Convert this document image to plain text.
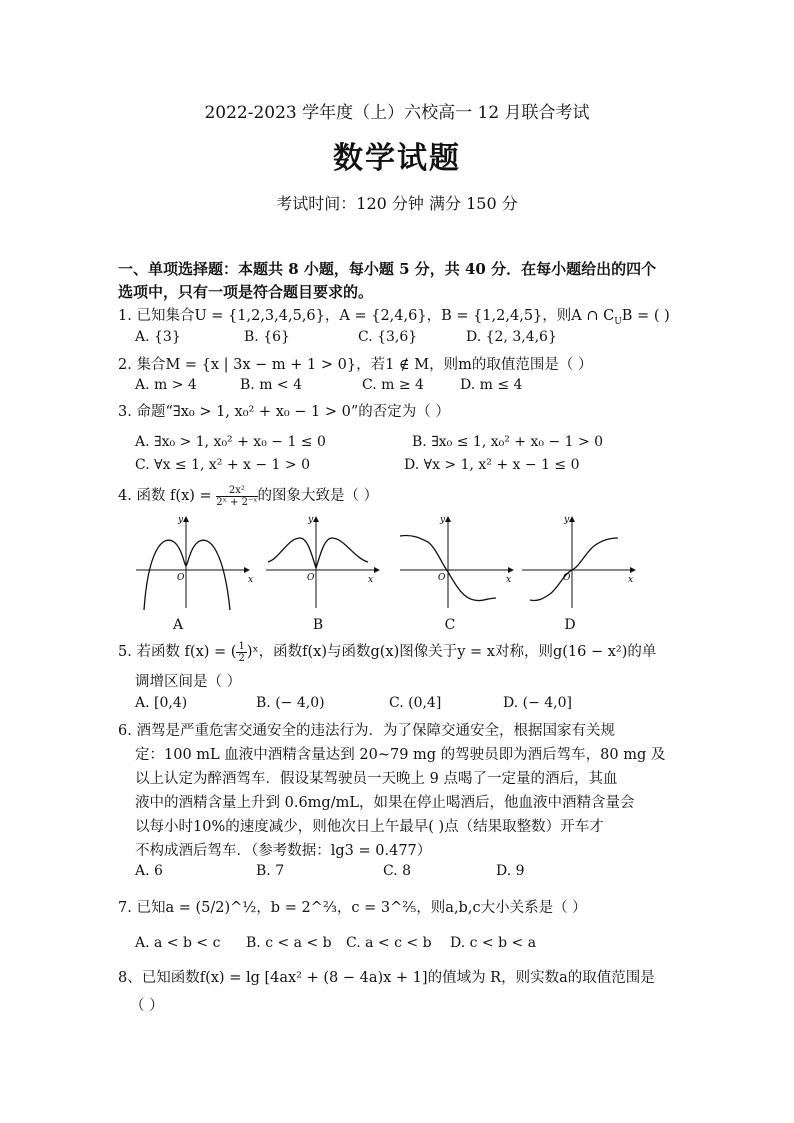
2022-2023 学年度（上）六校高一 12 月联合考试
数学试题
考试时间：120 分钟 满分 150 分
一、单项选择题：本题共 8 小题，每小题 5 分，共 40 分．在每小题给出的四个
选项中，只有一项是符合题目要求的。
1. 已知集合U = {1,2,3,4,5,6}，A = {2,4,6}，B = {1,2,4,5}，则A ∩ $C_UB$ = ( )
A. {3}	B. {6}	C. {3,6}	D. {2, 3,4,6}
2. 集合M = {x | 3x − m + 1 > 0}，若1 ∉ M，则m的取值范围是（ ）
A. m > 4	B. m < 4	C. m ≥ 4	D. m ≤ 4
3. 命题“∃x₀ > 1, x₀² + x₀ − 1 > 0”的否定为（ ）
A. ∃x₀ > 1, x₀² + x₀ − 1 ≤ 0	B. ∃x₀ ≤ 1, x₀² + x₀ − 1 > 0
C. ∀x ≤ 1, x² + x − 1 > 0	D. ∀x > 1, x² + x − 1 ≤ 0
4. 函数 $f(x) = \frac{\text{2x²}}{\text{2ˣ + 2⁻ˣ}}$ 的图象大致是（ ）
x
y
O	x
y
O	x
y
O	x
y
O
A	B	C	D
5. 若函数 f(x) = ( $\frac{1}{2}$ )ˣ，函数f(x)与函数g(x)图像关于y = x对称，则g(16 − x²)的单
调增区间是（ ）
A. [0,4)	B. (− 4,0)	C. (0,4]	D. (− 4,0]
6. 酒驾是严重危害交通安全的违法行为．为了保障交通安全，根据国家有关规
定：100 mL 血液中酒精含量达到 20~79 mg 的驾驶员即为酒后驾车，80 mg 及
以上认定为醉酒驾车．假设某驾驶员一天晚上 9 点喝了一定量的酒后，其血
液中的酒精含量上升到 0.6mg/mL，如果在停止喝酒后，他血液中酒精含量会
以每小时10%的速度减少，则他次日上午最早( )点（结果取整数）开车才
不构成酒后驾车．（参考数据：lg3 = 0.477）
A. 6	B. 7	C. 8	D. 9
7. 已知a = (5/2)^½，b = 2^⅔，c = 3^⅖，则a,b,c大小关系是（ ）
A. a < b < c B. c < a < b C. a < c < b D. c < b < a
8、已知函数f(x) = lg [4ax² + (8 − 4a)x + 1]的值域为 R，则实数a的取值范围是
（ ）
